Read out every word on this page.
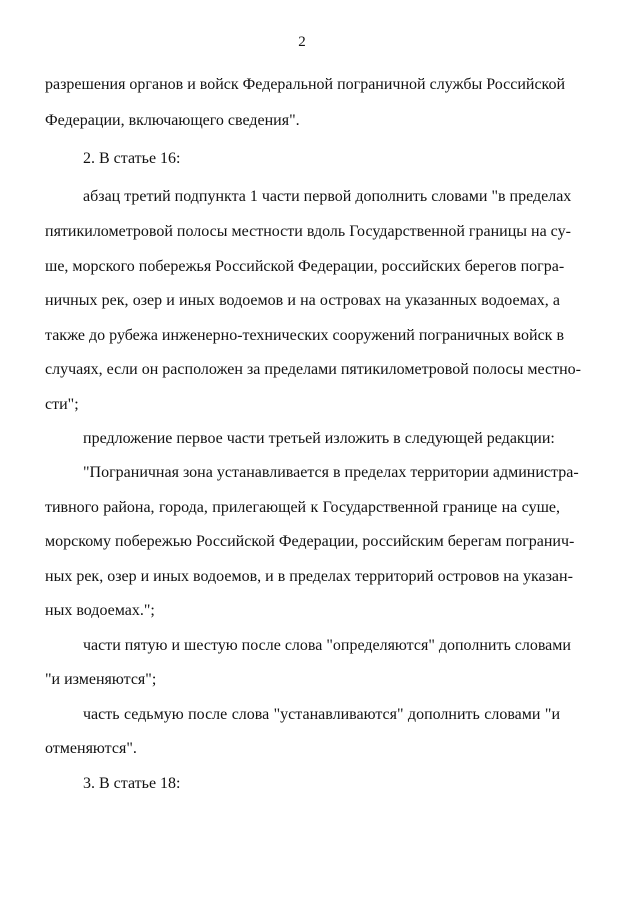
2
разрешения органов и войск Федеральной пограничной службы Российской
Федерации, включающего сведения".
2. В статье 16:
абзац третий подпункта 1 части первой дополнить словами "в пределах
пятикилометровой полосы местности вдоль Государственной границы на су-
ше, морского побережья Российской Федерации, российских берегов погра-
ничных рек, озер и иных водоемов и на островах на указанных водоемах, а
также до рубежа инженерно-технических сооружений пограничных войск в
случаях, если он расположен за пределами пятикилометровой полосы местно-
сти";
предложение первое части третьей изложить в следующей редакции:
"Пограничная зона устанавливается в пределах территории администра-
тивного района, города, прилегающей к Государственной границе на суше,
морскому побережью Российской Федерации, российским берегам погранич-
ных рек, озер и иных водоемов, и в пределах территорий островов на указан-
ных водоемах.";
части пятую и шестую после слова "определяются" дополнить словами
"и изменяются";
часть седьмую после слова "устанавливаются" дополнить словами "и
отменяются".
3. В статье 18:
